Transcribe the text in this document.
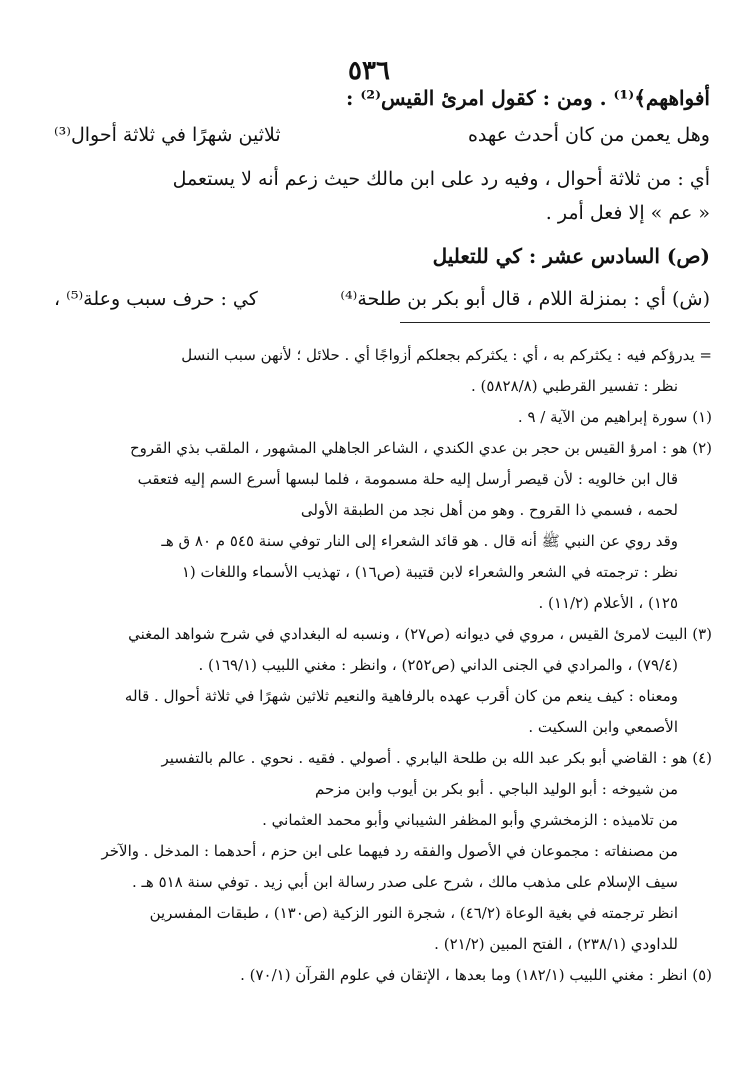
٥٣٦
أفواههم﴾⁽¹⁾ . ومن : كقول امرئ القيس⁽²⁾ :
وهل يعمن من كان أحدث عهده
ثلاثين شهرًا في ثلاثة أحوال⁽³⁾
أي : من ثلاثة أحوال ، وفيه رد على ابن مالك حيث زعم أنه لا يستعمل
« عم » إلا فعل أمر .
(ص) السادس عشر : كي للتعليل
(ش) أي : بمنزلة اللام ، قال أبو بكر بن طلحة⁽⁴⁾
كي : حرف سبب وعلة⁽⁵⁾ ،
= يدرؤكم فيه : يكثركم به ، أي : يكثركم بجعلكم أزواجًا أي . حلائل ؛ لأنهن سبب النسل
نظر : تفسير القرطبي (٥٨٢٨/٨) .
(١) سورة إبراهيم من الآية / ٩ .
(٢) هو : امرؤ القيس بن حجر بن عدي الكندي ، الشاعر الجاهلي المشهور ، الملقب بذي القروح
قال ابن خالويه : لأن قيصر أرسل إليه حلة مسمومة ، فلما لبسها أسرع السم إليه فتعقب
لحمه ، فسمي ذا القروح . وهو من أهل نجد من الطبقة الأولى
وقد روي عن النبي ﷺ أنه قال . هو قائد الشعراء إلى النار توفي سنة ٥٤٥ م ٨٠ ق هـ
نظر : ترجمته في الشعر والشعراء لابن قتيبة (ص١٦) ، تهذيب الأسماء واللغات (١
١٢٥) ، الأعلام (١١/٢) .
(٣) البيت لامرئ القيس ، مروي في ديوانه (ص٢٧) ، ونسبه له البغدادي في شرح شواهد المغني
(٧٩/٤) ، والمرادي في الجنى الداني (ص٢٥٢) ، وانظر : مغني اللبيب (١٦٩/١) .
ومعناه : كيف ينعم من كان أقرب عهده بالرفاهية والنعيم ثلاثين شهرًا في ثلاثة أحوال . قاله
الأصمعي وابن السكيت .
(٤) هو : القاضي أبو بكر عبد الله بن طلحة اليابري . أصولي . فقيه . نحوي . عالم بالتفسير
من شيوخه : أبو الوليد الباجي . أبو بكر بن أيوب وابن مزحم
من تلاميذه : الزمخشري وأبو المظفر الشيباني وأبو محمد العثماني .
من مصنفاته : مجموعان في الأصول والفقه رد فيهما على ابن حزم ، أحدهما : المدخل . والآخر
سيف الإسلام على مذهب مالك ، شرح على صدر رسالة ابن أبي زيد . توفي سنة ٥١٨ هـ .
انظر ترجمته في بغية الوعاة (٤٦/٢) ، شجرة النور الزكية (ص١٣٠) ، طبقات المفسرين
للداودي (٢٣٨/١) ، الفتح المبين (٢١/٢) .
(٥) انظر : مغني اللبيب (١٨٢/١) وما بعدها ، الإتقان في علوم القرآن (٧٠/١) .
